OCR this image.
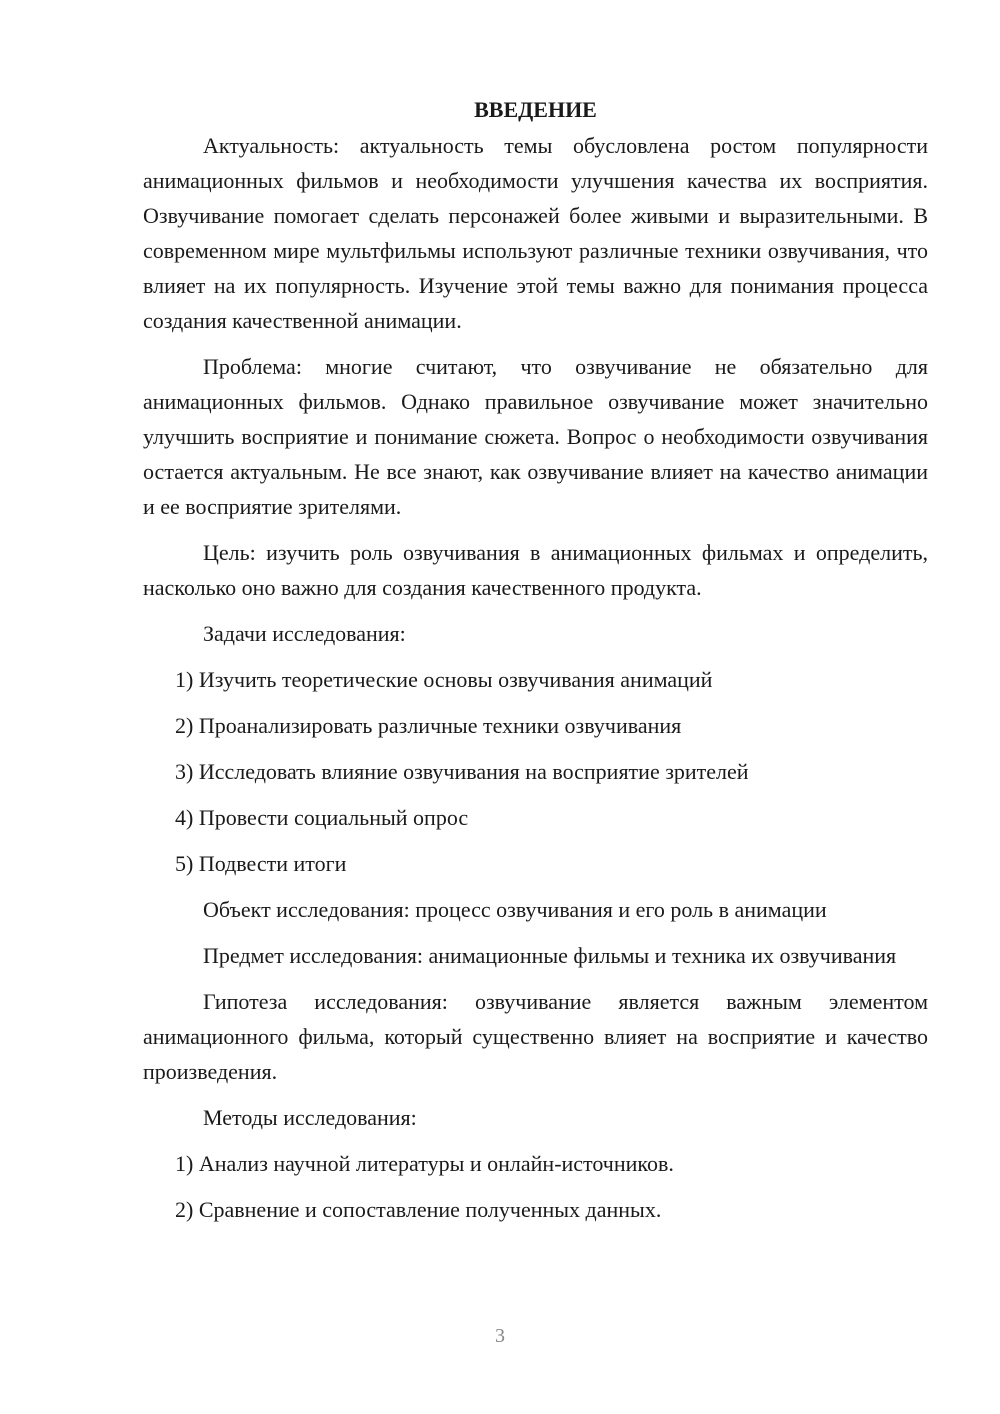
ВВЕДЕНИЕ

Актуальность: актуальность темы обусловлена ростом популярности анимационных фильмов и необходимости улучшения качества их восприятия. Озвучивание помогает сделать персонажей более живыми и выразительными. В современном мире мультфильмы используют различные техники озвучивания, что влияет на их популярность. Изучение этой темы важно для понимания процесса создания качественной анимации.

Проблема: многие считают, что озвучивание не обязательно для анимационных фильмов. Однако правильное озвучивание может значительно улучшить восприятие и понимание сюжета. Вопрос о необходимости озвучивания остается актуальным. Не все знают, как озвучивание влияет на качество анимации и ее восприятие зрителями.

Цель: изучить роль озвучивания в анимационных фильмах и определить, насколько оно важно для создания качественного продукта.

Задачи исследования:

1) Изучить теоретические основы озвучивания анимаций

2) Проанализировать различные техники озвучивания

3) Исследовать влияние озвучивания на восприятие зрителей

4) Провести социальный опрос

5) Подвести итоги

Объект исследования: процесс озвучивания и его роль в анимации

Предмет исследования: анимационные фильмы и техника их озвучивания

Гипотеза исследования: озвучивание является важным элементом анимационного фильма, который существенно влияет на восприятие и качество произведения.

Методы исследования:

1) Анализ научной литературы и онлайн-источников.

2) Сравнение и сопоставление полученных данных.

3
